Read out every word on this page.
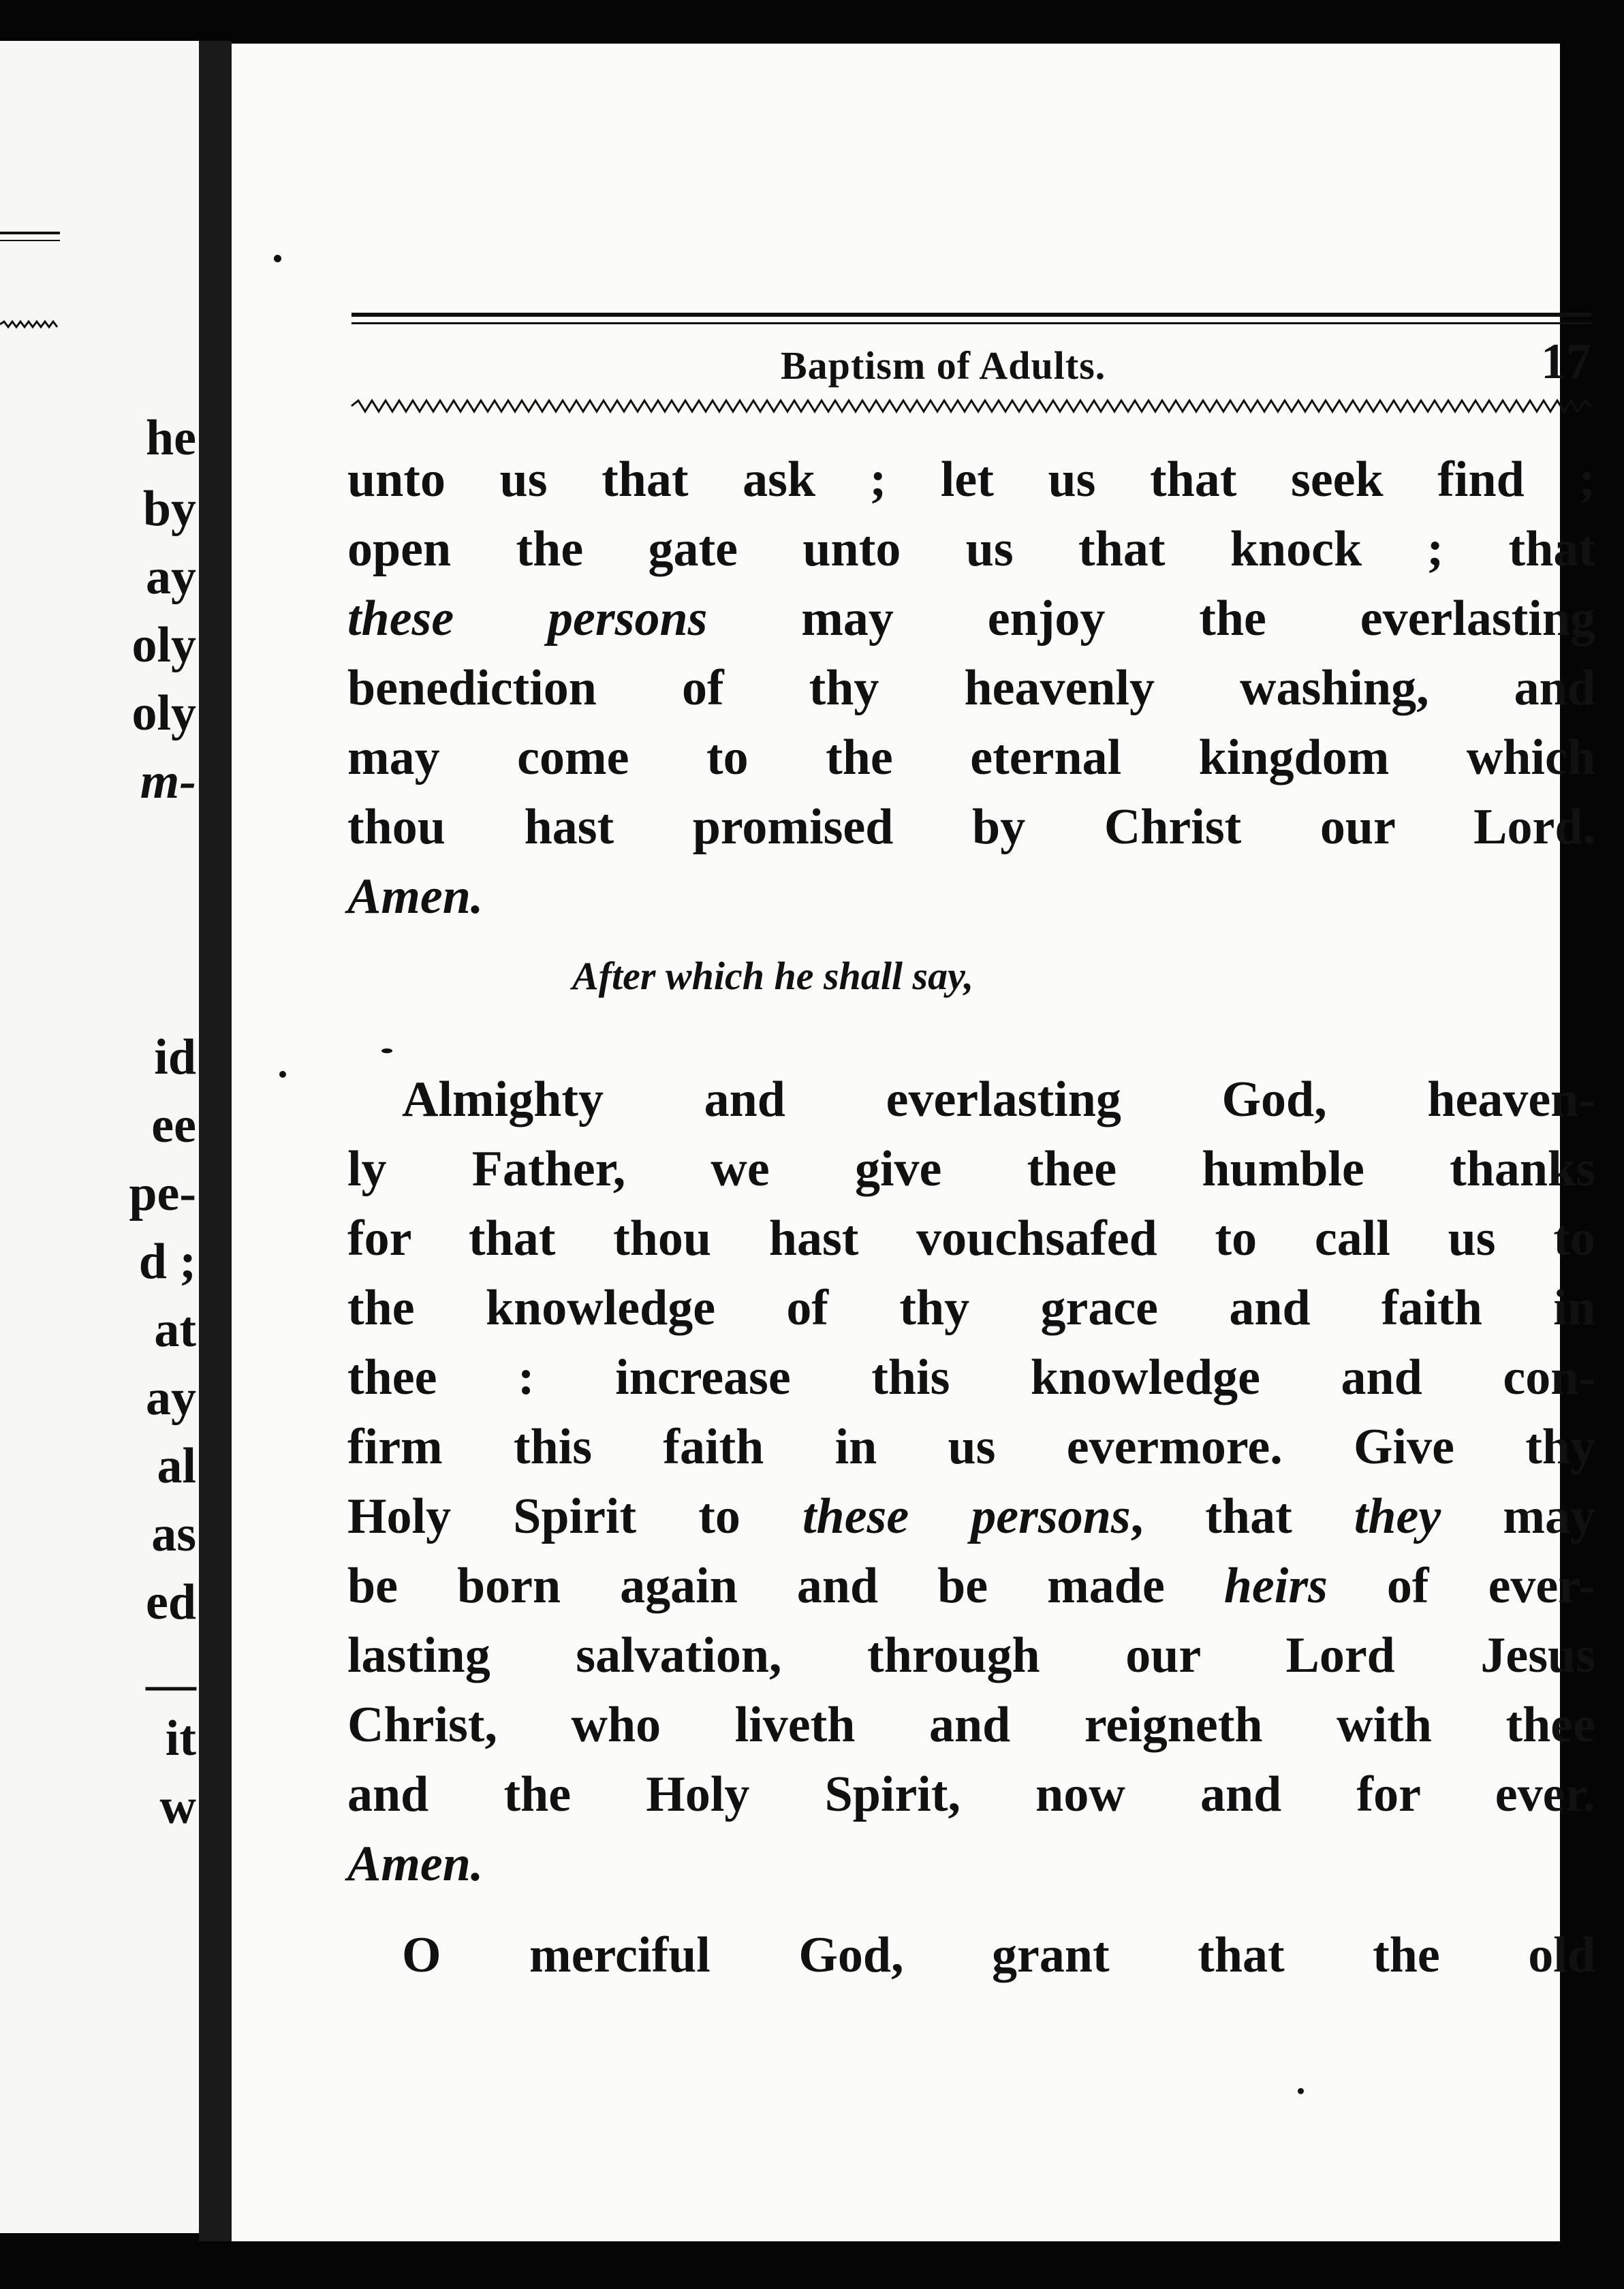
he
by
ay
oly
oly
m-
id
ee
pe-
d ;
at
ay
al
as
ed
—
it
w
Baptism of Adults.	17
unto us that ask ; let us that seek find ;
open the gate unto us that knock ; that
these persons may enjoy the everlasting
benediction of thy heavenly washing, and
may come to the eternal kingdom which
thou hast promised by Christ our Lord.
Amen.
After which he shall say,
Almighty and everlasting God, heaven-
ly Father, we give thee humble thanks
for that thou hast vouchsafed to call us to
the knowledge of thy grace and faith in
thee : increase this knowledge and con-
firm this faith in us evermore. Give thy
Holy Spirit to these persons, that they may
be born again and be made heirs of ever-
lasting salvation, through our Lord Jesus
Christ, who liveth and reigneth with thee
and the Holy Spirit, now and for ever.
Amen.
O merciful God, grant that the old
